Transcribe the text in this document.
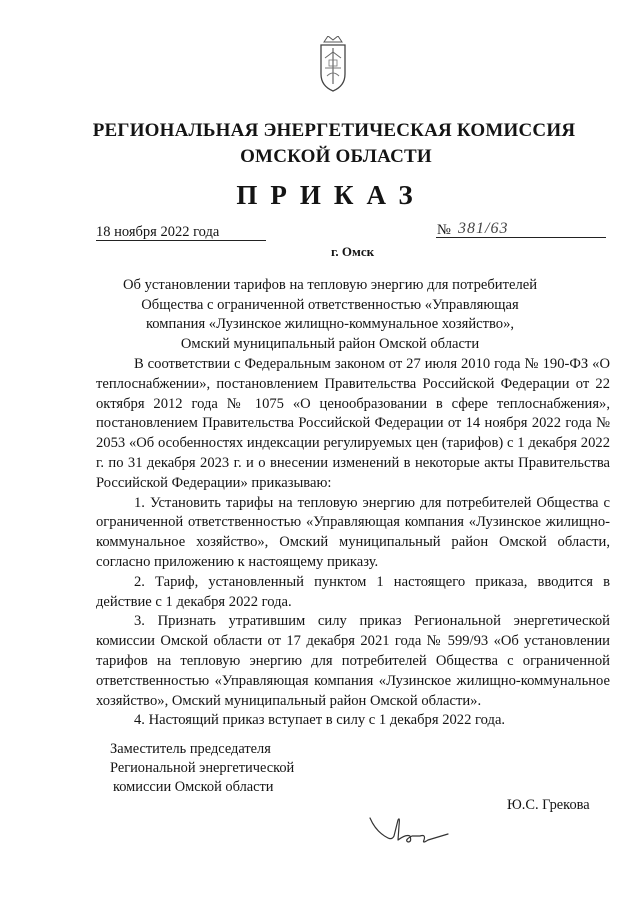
РЕГИОНАЛЬНАЯ ЭНЕРГЕТИЧЕСКАЯ КОМИССИЯ
ОМСКОЙ ОБЛАСТИ
ПРИКАЗ
18 ноября 2022 года	№ 381/63
г. Омск
Об установлении тарифов на тепловую энергию для потребителей
Общества с ограниченной ответственностью «Управляющая
компания «Лузинское жилищно-коммунальное хозяйство»,
Омский муниципальный район Омской области

В соответствии с Федеральным законом от 27 июля 2010 года № 190-ФЗ «О теплоснабжении», постановлением Правительства Российской Федерации от 22 октября 2012 года № 1075 «О ценообразовании в сфере теплоснабжения», постановлением Правительства Российской Федерации от 14 ноября 2022 года № 2053 «Об особенностях индексации регулируемых цен (тарифов) с 1 декабря 2022 г. по 31 декабря 2023 г. и о внесении изменений в некоторые акты Правительства Российской Федерации» приказываю:

1. Установить тарифы на тепловую энергию для потребителей Общества с ограниченной ответственностью «Управляющая компания «Лузинское жилищно-коммунальное хозяйство», Омский муниципальный район Омской области, согласно приложению к настоящему приказу.

2. Тариф, установленный пунктом 1 настоящего приказа, вводится в действие с 1 декабря 2022 года.

3. Признать утратившим силу приказ Региональной энергетической комиссии Омской области от 17 декабря 2021 года № 599/93 «Об установлении тарифов на тепловую энергию для потребителей Общества с ограниченной ответственностью «Управляющая компания «Лузинское жилищно-коммунальное хозяйство», Омский муниципальный район Омской области».

4. Настоящий приказ вступает в силу с 1 декабря 2022 года.

Заместитель председателя
Региональной энергетической
комиссии Омской области
Ю.С. Грекова
